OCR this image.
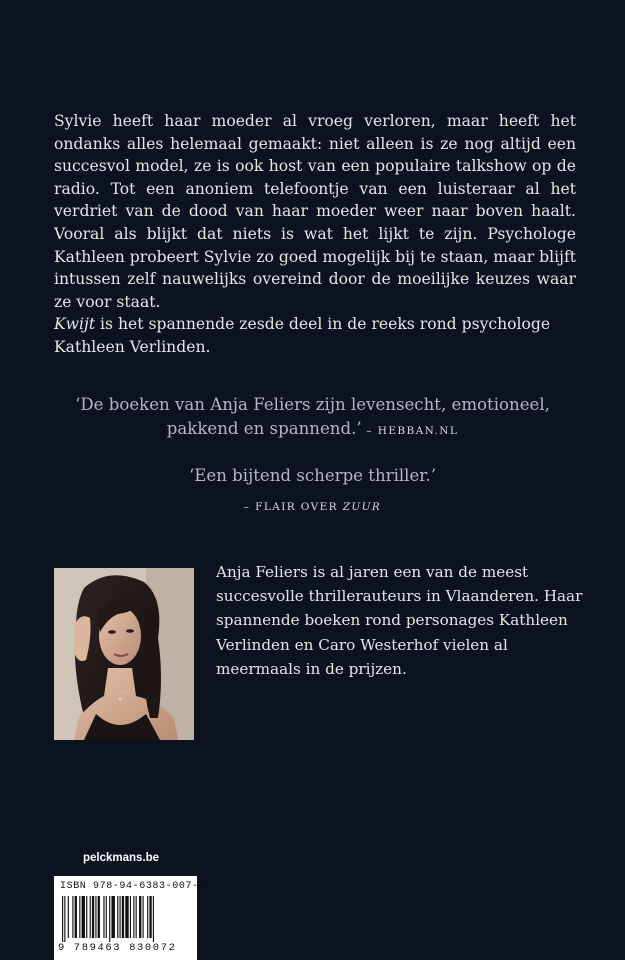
Sylvie heeft haar moeder al vroeg verloren, maar heeft het ondanks alles helemaal gemaakt: niet alleen is ze nog altijd een succesvol model, ze is ook host van een populaire talkshow op de radio. Tot een anoniem telefoontje van een luisteraar al het verdriet van de dood van haar moeder weer naar boven haalt. Vooral als blijkt dat niets is wat het lijkt te zijn. Psychologe Kathleen probeert Sylvie zo goed mogelijk bij te staan, maar blijft intussen zelf nauwelijks overeind door de moeilijke keuzes waar ze voor staat.

Kwijt is het spannende zesde deel in de reeks rond psychologe Kathleen Verlinden.

‘De boeken van Anja Feliers zijn levensecht, emotioneel,
pakkend en spannend.’ – HEBBAN.NL

‘Een bijtend scherpe thriller.’
– FLAIR OVER ZUUR

Anja Feliers is al jaren een van de meest succesvolle thrillerauteurs in Vlaanderen. Haar spannende boeken rond personages Kathleen Verlinden en Caro Westerhof vielen al meermaals in de prijzen.

pelckmans.be
ISBN 978-94-6383-007-2
9 789463 830072
